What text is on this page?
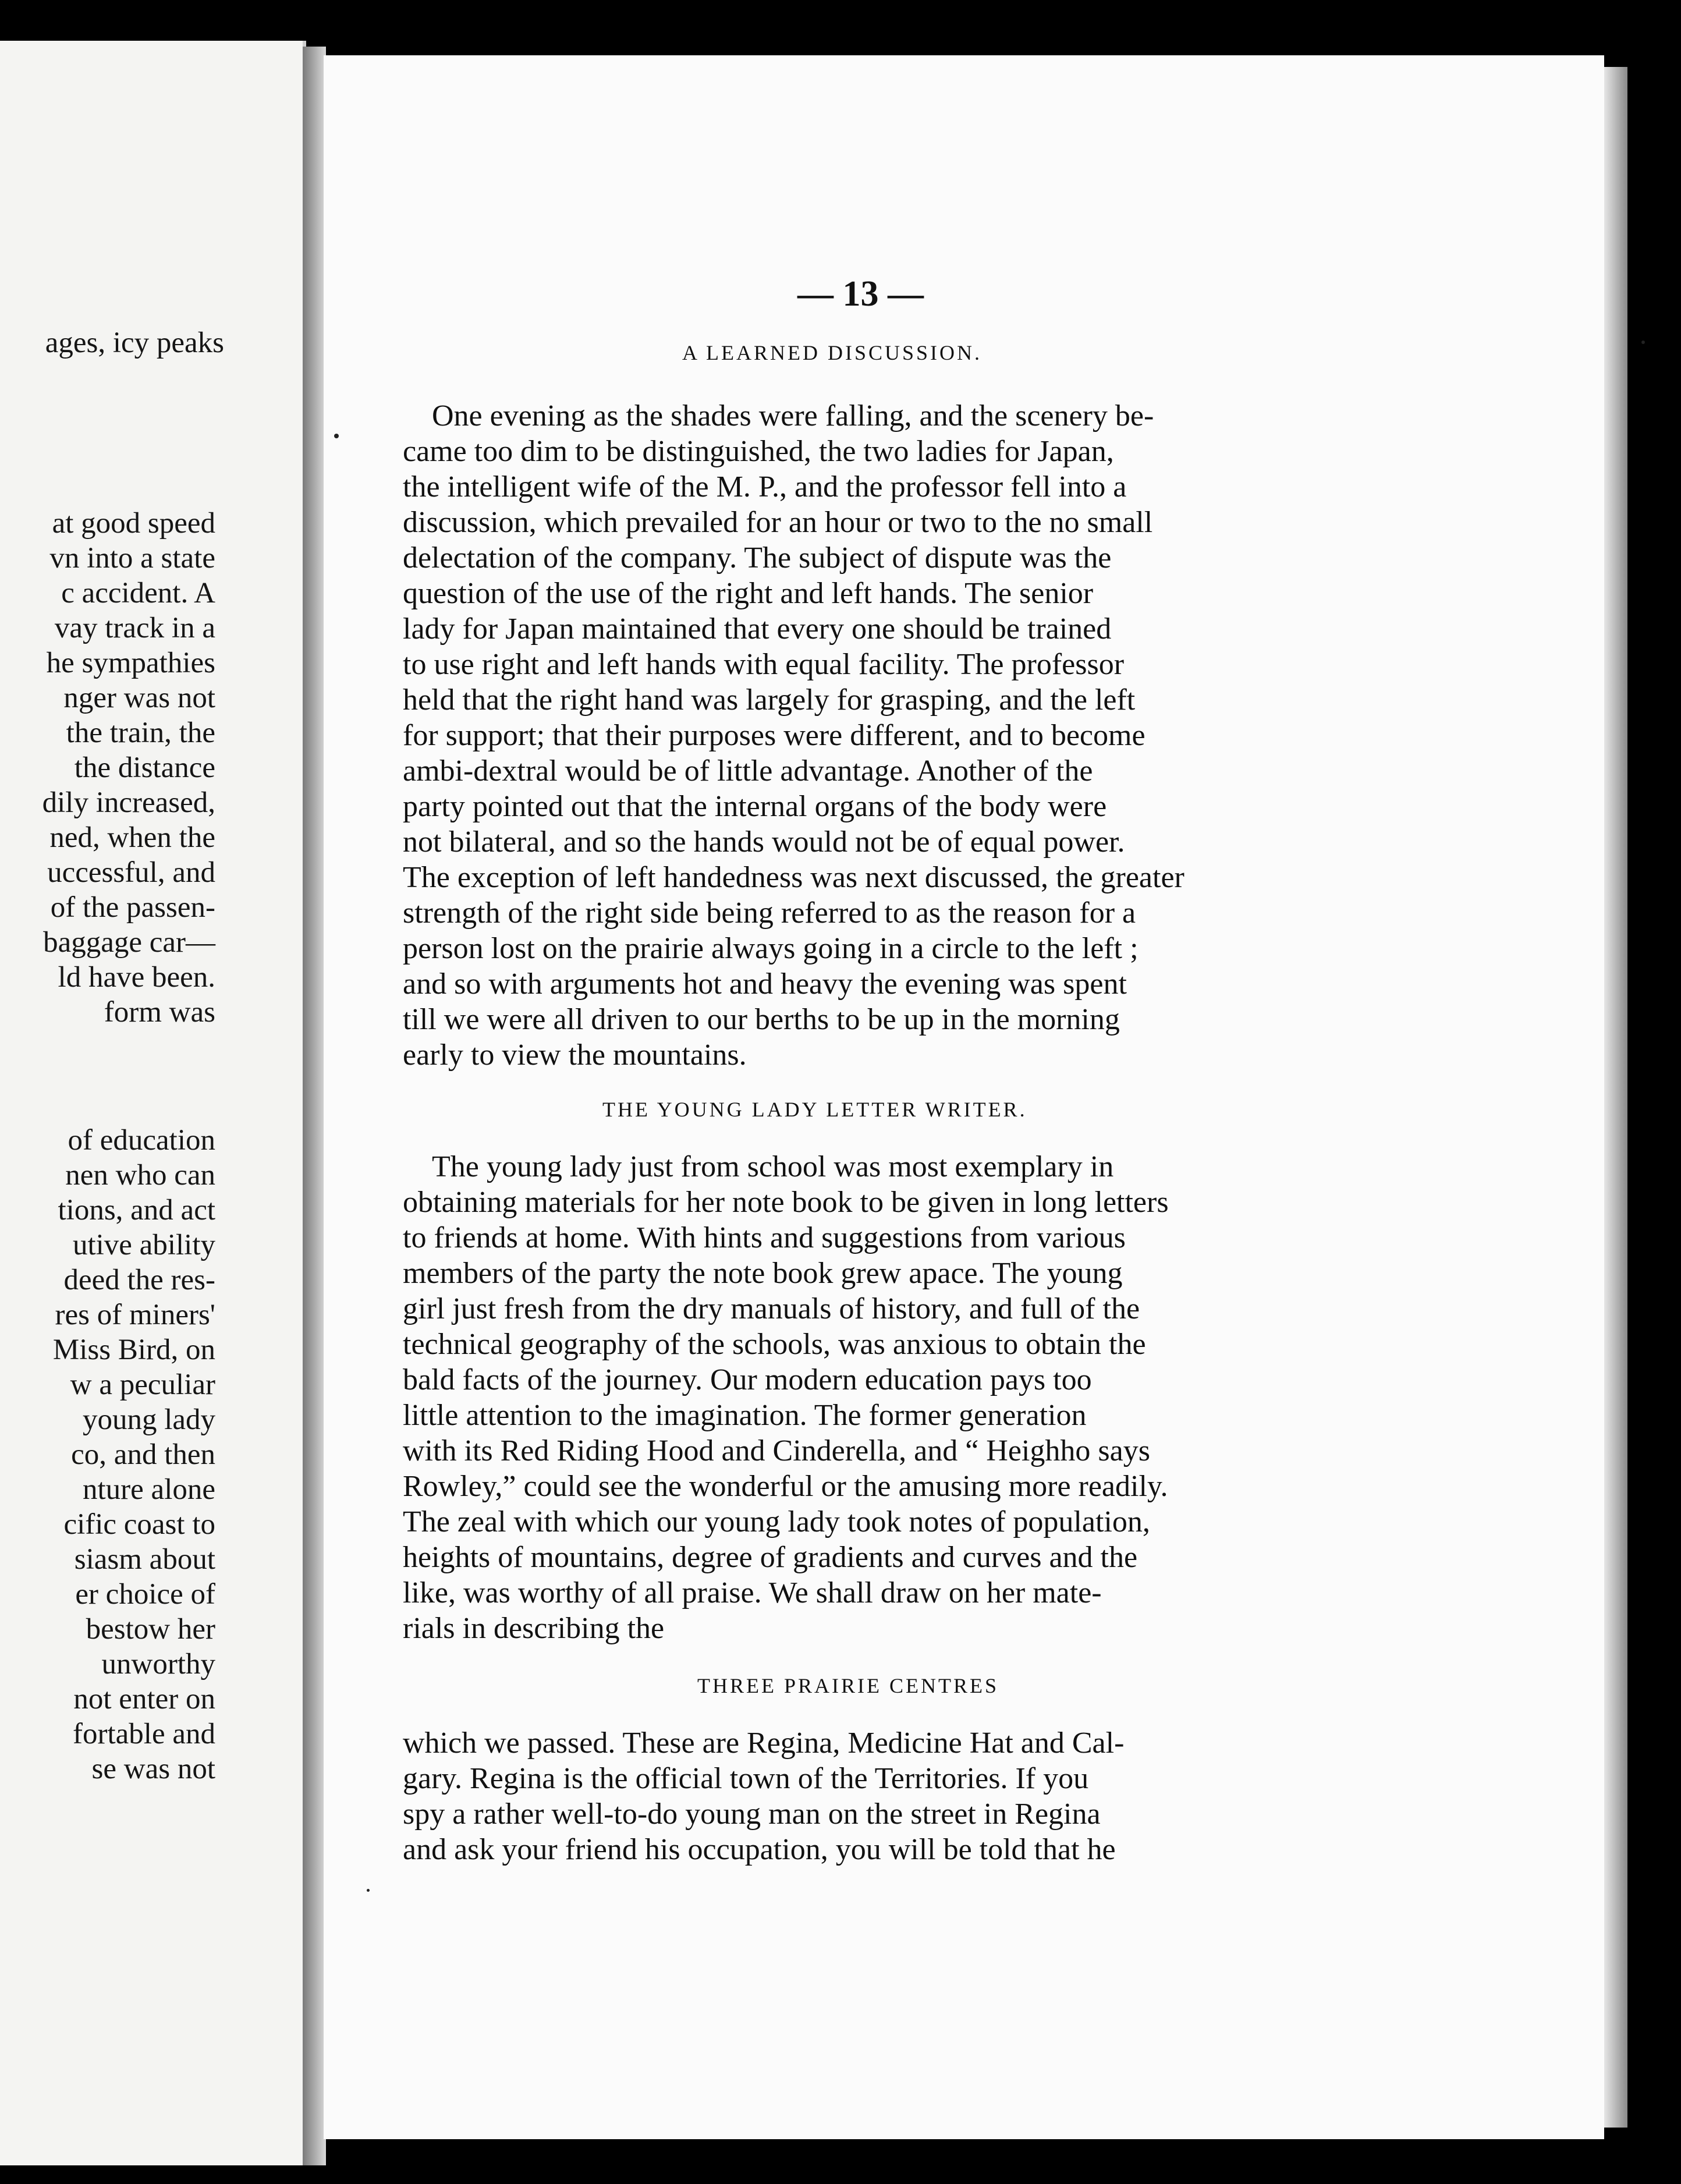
ages, icy peaks
at good speed
vn into a state
c accident. A
vay track in a
he sympathies
nger was not
the train, the
the distance
dily increased,
ned, when the
uccessful, and
of the passen-
baggage car—
ld have been.
form was
of education
nen who can
tions, and act
utive ability
deed the res-
res of miners'
Miss Bird, on
w a peculiar
young lady
co, and then
nture alone
cific coast to
siasm about
er choice of
bestow her
unworthy
not enter on
fortable and
se was not
— 13 —
A LEARNED DISCUSSION.
One evening as the shades were falling, and the scenery be-
came too dim to be distinguished, the two ladies for Japan,
the intelligent wife of the M. P., and the professor fell into a
discussion, which prevailed for an hour or two to the no small
delectation of the company. The subject of dispute was the
question of the use of the right and left hands. The senior
lady for Japan maintained that every one should be trained
to use right and left hands with equal facility. The professor
held that the right hand was largely for grasping, and the left
for support; that their purposes were different, and to become
ambi-dextral would be of little advantage. Another of the
party pointed out that the internal organs of the body were
not bilateral, and so the hands would not be of equal power.
The exception of left handedness was next discussed, the greater
strength of the right side being referred to as the reason for a
person lost on the prairie always going in a circle to the left ;
and so with arguments hot and heavy the evening was spent
till we were all driven to our berths to be up in the morning
early to view the mountains.
THE YOUNG LADY LETTER WRITER.
The young lady just from school was most exemplary in
obtaining materials for her note book to be given in long letters
to friends at home. With hints and suggestions from various
members of the party the note book grew apace. The young
girl just fresh from the dry manuals of history, and full of the
technical geography of the schools, was anxious to obtain the
bald facts of the journey. Our modern education pays too
little attention to the imagination. The former generation
with its Red Riding Hood and Cinderella, and “ Heighho says
Rowley,” could see the wonderful or the amusing more readily.
The zeal with which our young lady took notes of population,
heights of mountains, degree of gradients and curves and the
like, was worthy of all praise. We shall draw on her mate-
rials in describing the
THREE PRAIRIE CENTRES
which we passed. These are Regina, Medicine Hat and Cal-
gary. Regina is the official town of the Territories. If you
spy a rather well-to-do young man on the street in Regina
and ask your friend his occupation, you will be told that he
